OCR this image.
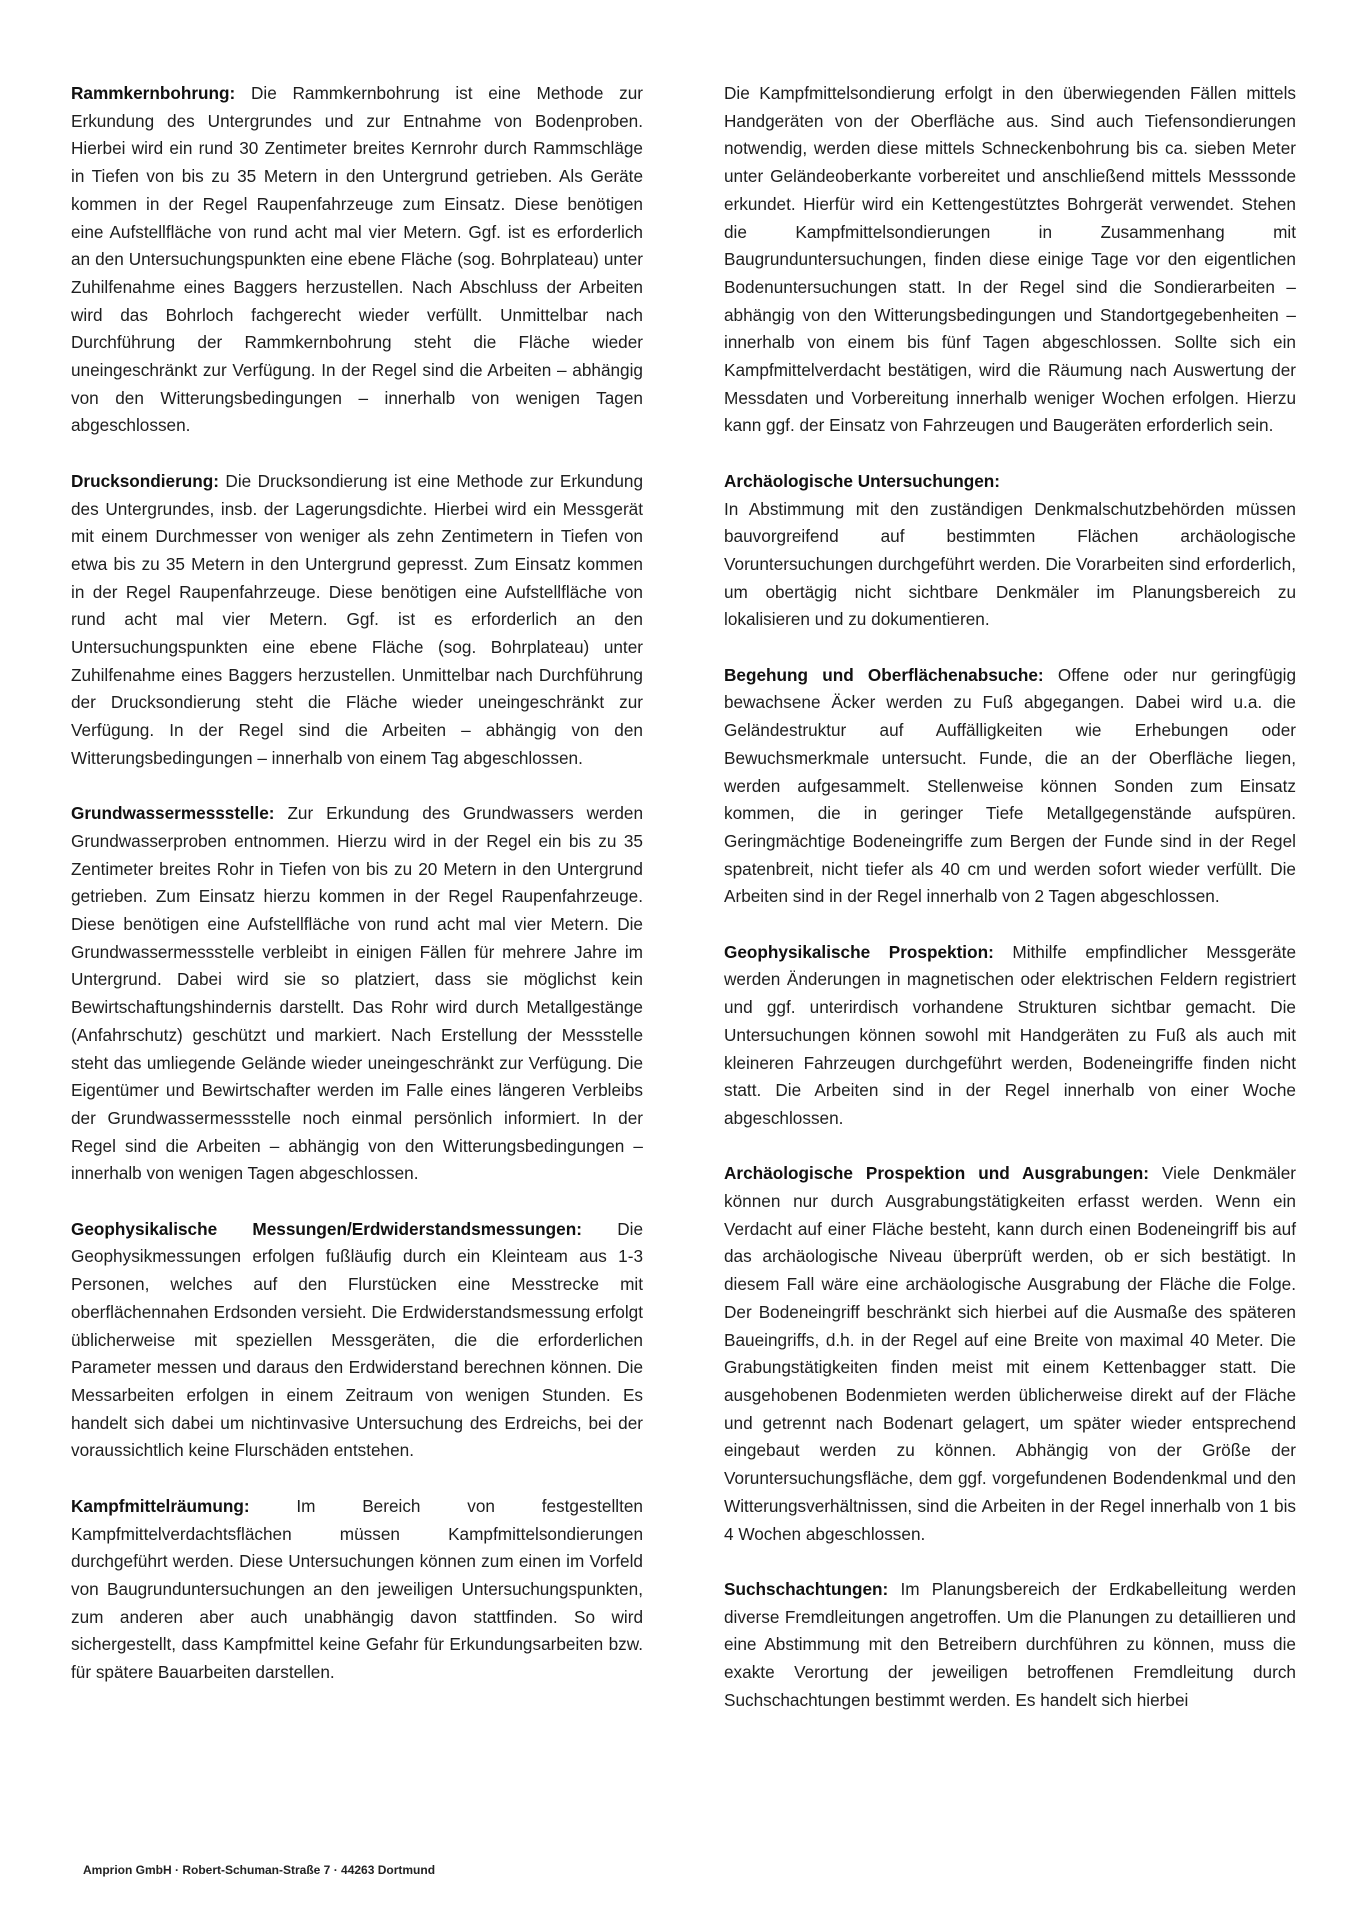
Rammkernbohrung: Die Rammkernbohrung ist eine Methode zur Erkundung des Untergrundes und zur Entnahme von Bodenproben. Hierbei wird ein rund 30 Zentimeter breites Kernrohr durch Rammschläge in Tiefen von bis zu 35 Metern in den Untergrund getrieben. Als Geräte kommen in der Regel Raupenfahrzeuge zum Einsatz. Diese benötigen eine Aufstellfläche von rund acht mal vier Metern. Ggf. ist es erforderlich an den Untersuchungspunkten eine ebene Fläche (sog. Bohrplateau) unter Zuhilfenahme eines Baggers herzustellen. Nach Abschluss der Arbeiten wird das Bohrloch fachgerecht wieder verfüllt. Unmittelbar nach Durchführung der Rammkernbohrung steht die Fläche wieder uneingeschränkt zur Verfügung. In der Regel sind die Arbeiten – abhängig von den Witterungsbedingungen – innerhalb von wenigen Tagen abgeschlossen.

Drucksondierung: Die Drucksondierung ist eine Methode zur Erkundung des Untergrundes, insb. der Lagerungsdichte. Hierbei wird ein Messgerät mit einem Durchmesser von weniger als zehn Zentimetern in Tiefen von etwa bis zu 35 Metern in den Untergrund gepresst. Zum Einsatz kommen in der Regel Raupenfahrzeuge. Diese benötigen eine Aufstellfläche von rund acht mal vier Metern. Ggf. ist es erforderlich an den Untersuchungspunkten eine ebene Fläche (sog. Bohrplateau) unter Zuhilfenahme eines Baggers herzustellen. Unmittelbar nach Durchführung der Drucksondierung steht die Fläche wieder uneingeschränkt zur Verfügung. In der Regel sind die Arbeiten – abhängig von den Witterungsbedingungen – innerhalb von einem Tag abgeschlossen.

Grundwassermessstelle: Zur Erkundung des Grundwassers werden Grundwasserproben entnommen. Hierzu wird in der Regel ein bis zu 35 Zentimeter breites Rohr in Tiefen von bis zu 20 Metern in den Untergrund getrieben. Zum Einsatz hierzu kommen in der Regel Raupenfahrzeuge. Diese benötigen eine Aufstellfläche von rund acht mal vier Metern. Die Grundwassermessstelle verbleibt in einigen Fällen für mehrere Jahre im Untergrund. Dabei wird sie so platziert, dass sie möglichst kein Bewirtschaftungshindernis darstellt. Das Rohr wird durch Metallgestänge (Anfahrschutz) geschützt und markiert. Nach Erstellung der Messstelle steht das umliegende Gelände wieder uneingeschränkt zur Verfügung. Die Eigentümer und Bewirtschafter werden im Falle eines längeren Verbleibs der Grundwassermessstelle noch einmal persönlich informiert. In der Regel sind die Arbeiten – abhängig von den Witterungsbedingungen – innerhalb von wenigen Tagen abgeschlossen.

Geophysikalische Messungen/Erdwiderstandsmessungen: Die Geophysikmessungen erfolgen fußläufig durch ein Kleinteam aus 1-3 Personen, welches auf den Flurstücken eine Messtrecke mit oberflächennahen Erdsonden versieht. Die Erdwiderstandsmessung erfolgt üblicherweise mit speziellen Messgeräten, die die erforderlichen Parameter messen und daraus den Erdwiderstand berechnen können. Die Messarbeiten erfolgen in einem Zeitraum von wenigen Stunden. Es handelt sich dabei um nichtinvasive Untersuchung des Erdreichs, bei der voraussichtlich keine Flurschäden entstehen.

Kampfmittelräumung:	Im Bereich von festgestellten Kampfmittelverdachtsflächen müssen Kampfmittelsondierungen durchgeführt werden. Diese Untersuchungen können zum einen im Vorfeld von Baugrunduntersuchungen an den jeweiligen Untersuchungspunkten, zum anderen aber auch unabhängig davon stattfinden. So wird sichergestellt, dass Kampfmittel keine Gefahr für Erkundungsarbeiten bzw. für spätere Bauarbeiten darstellen.

Die Kampfmittelsondierung erfolgt in den überwiegenden Fällen mittels Handgeräten von der Oberfläche aus. Sind auch Tiefensondierungen notwendig, werden diese mittels Schneckenbohrung bis ca. sieben Meter unter Geländeoberkante vorbereitet und anschließend mittels Messsonde erkundet. Hierfür wird ein Kettengestütztes Bohrgerät verwendet. Stehen die Kampfmittelsondierungen in Zusammenhang mit Baugrunduntersuchungen, finden diese einige Tage vor den eigentlichen Bodenuntersuchungen statt. In der Regel sind die Sondierarbeiten – abhängig von den Witterungsbedingungen und Standortgegebenheiten – innerhalb von einem bis fünf Tagen abgeschlossen. Sollte sich ein Kampfmittelverdacht bestätigen, wird die Räumung nach Auswertung der Messdaten und Vorbereitung innerhalb weniger Wochen erfolgen. Hierzu kann ggf. der Einsatz von Fahrzeugen und Baugeräten erforderlich sein.

Archäologische Untersuchungen:
In Abstimmung mit den zuständigen Denkmalschutzbehörden müssen bauvorgreifend auf bestimmten Flächen archäologische Voruntersuchungen durchgeführt werden. Die Vorarbeiten sind erforderlich, um obertägig nicht sichtbare Denkmäler im Planungsbereich zu lokalisieren und zu dokumentieren.

Begehung und Oberflächenabsuche: Offene oder nur geringfügig bewachsene Äcker werden zu Fuß abgegangen. Dabei wird u.a. die Geländestruktur auf Auffälligkeiten wie Erhebungen oder Bewuchsmerkmale untersucht. Funde, die an der Oberfläche liegen, werden aufgesammelt. Stellenweise können Sonden zum Einsatz kommen, die in geringer Tiefe Metallgegenstände aufspüren. Geringmächtige Bodeneingriffe zum Bergen der Funde sind in der Regel spatenbreit, nicht tiefer als 40 cm und werden sofort wieder verfüllt. Die Arbeiten sind in der Regel innerhalb von 2 Tagen abgeschlossen.

Geophysikalische Prospektion: Mithilfe empfindlicher Messgeräte werden Änderungen in magnetischen oder elektrischen Feldern registriert und ggf. unterirdisch vorhandene Strukturen sichtbar gemacht. Die Untersuchungen können sowohl mit Handgeräten zu Fuß als auch mit kleineren Fahrzeugen durchgeführt werden, Bodeneingriffe finden nicht statt. Die Arbeiten sind in der Regel innerhalb von einer Woche abgeschlossen.

Archäologische Prospektion und Ausgrabungen: Viele Denkmäler können nur durch Ausgrabungstätigkeiten erfasst werden. Wenn ein Verdacht auf einer Fläche besteht, kann durch einen Bodeneingriff bis auf das archäologische Niveau überprüft werden, ob er sich bestätigt. In diesem Fall wäre eine archäologische Ausgrabung der Fläche die Folge. Der Bodeneingriff beschränkt sich hierbei auf die Ausmaße des späteren Baueingriffs, d.h. in der Regel auf eine Breite von maximal 40 Meter. Die Grabungstätigkeiten finden meist mit einem Kettenbagger statt. Die ausgehobenen Bodenmieten werden üblicherweise direkt auf der Fläche und getrennt nach Bodenart gelagert, um später wieder entsprechend eingebaut werden zu können. Abhängig von der Größe der Voruntersuchungsfläche, dem ggf. vorgefundenen Bodendenkmal und den Witterungsverhältnissen, sind die Arbeiten in der Regel innerhalb von 1 bis 4 Wochen abgeschlossen.

Suchschachtungen: Im Planungsbereich der Erdkabelleitung werden diverse Fremdleitungen angetroffen. Um die Planungen zu detaillieren und eine Abstimmung mit den Betreibern durchführen zu können, muss die exakte Verortung der jeweiligen betroffenen Fremdleitung durch Suchschachtungen bestimmt werden. Es handelt sich hierbei

Amprion GmbH · Robert-Schuman-Straße 7 · 44263 Dortmund
